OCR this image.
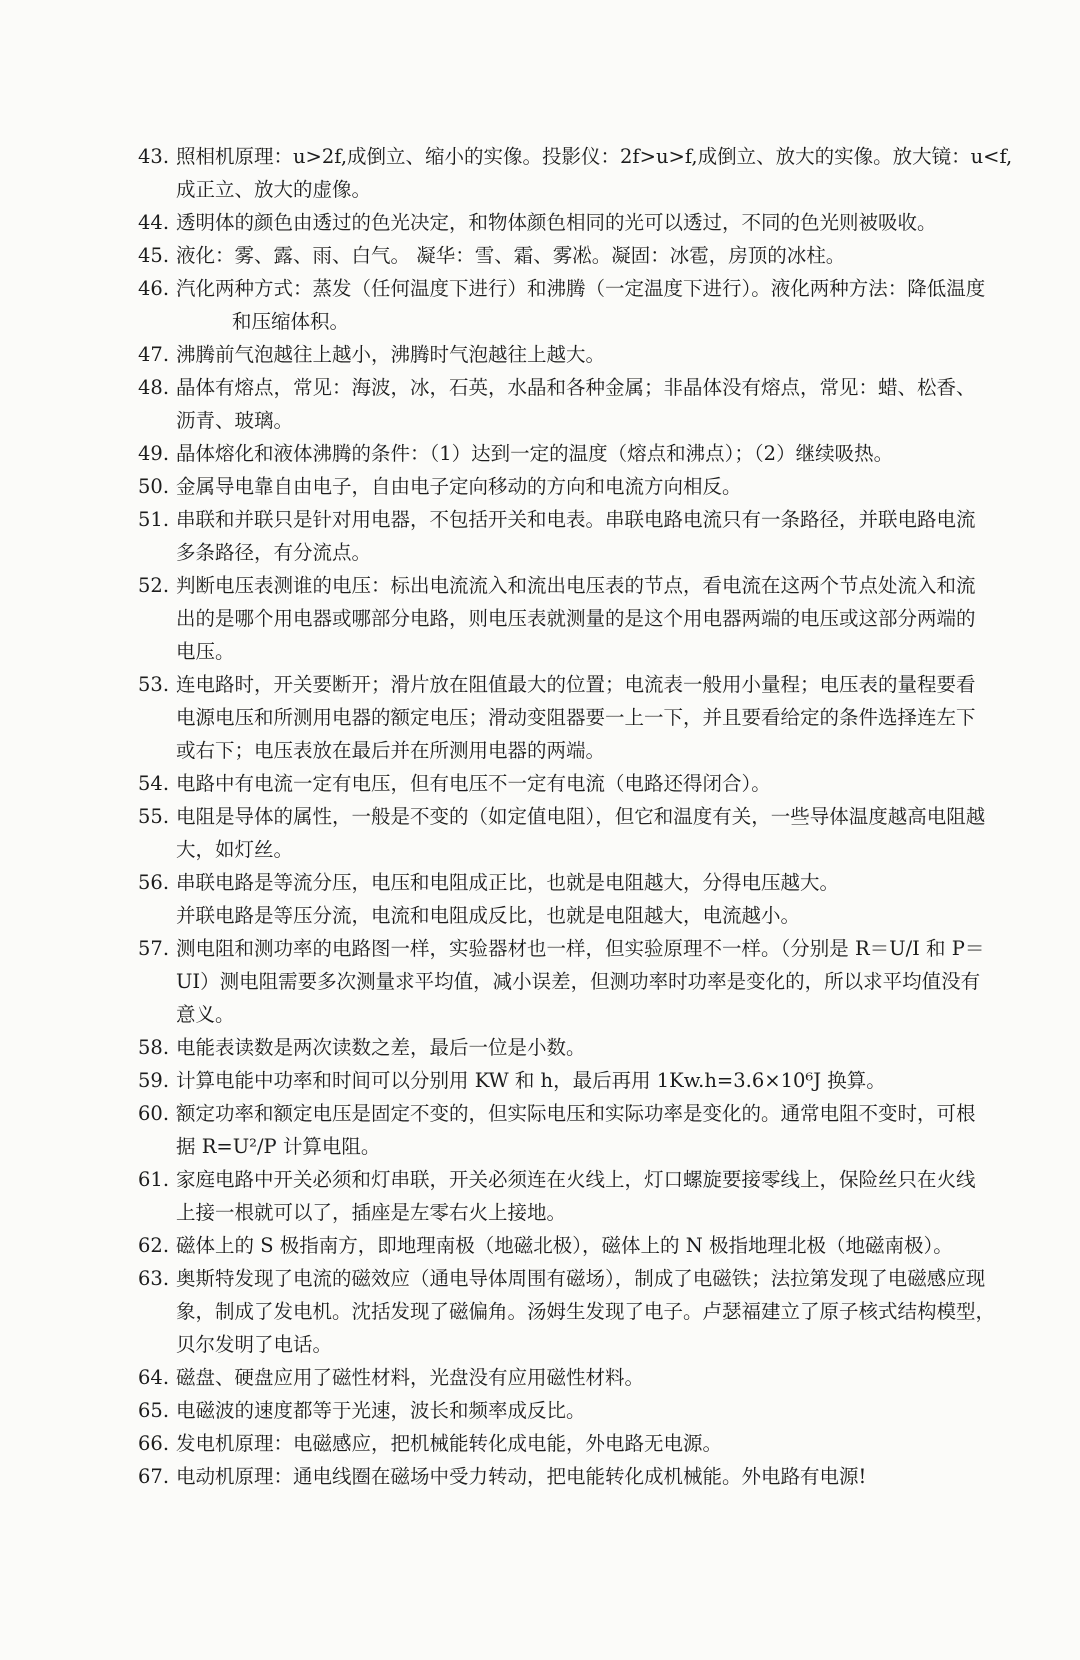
43. 照相机原理：u>2f,成倒立、缩小的实像。投影仪：2f>u>f,成倒立、放大的实像。放大镜：u<f,
成正立、放大的虚像。
44. 透明体的颜色由透过的色光决定，和物体颜色相同的光可以透过，不同的色光则被吸收。
45. 液化：雾、露、雨、白气。 凝华：雪、霜、雾凇。凝固：冰雹，房顶的冰柱。
46. 汽化两种方式：蒸发（任何温度下进行）和沸腾（一定温度下进行）。液化两种方法：降低温度
和压缩体积。
47. 沸腾前气泡越往上越小，沸腾时气泡越往上越大。
48. 晶体有熔点，常见：海波，冰，石英，水晶和各种金属；非晶体没有熔点，常见：蜡、松香、
沥青、玻璃。
49. 晶体熔化和液体沸腾的条件：（1）达到一定的温度（熔点和沸点）；（2）继续吸热。
50. 金属导电靠自由电子，自由电子定向移动的方向和电流方向相反。
51. 串联和并联只是针对用电器，不包括开关和电表。串联电路电流只有一条路径，并联电路电流
多条路径，有分流点。
52. 判断电压表测谁的电压：标出电流流入和流出电压表的节点，看电流在这两个节点处流入和流
出的是哪个用电器或哪部分电路，则电压表就测量的是这个用电器两端的电压或这部分两端的
电压。
53. 连电路时，开关要断开；滑片放在阻值最大的位置；电流表一般用小量程；电压表的量程要看
电源电压和所测用电器的额定电压；滑动变阻器要一上一下，并且要看给定的条件选择连左下
或右下；电压表放在最后并在所测用电器的两端。
54. 电路中有电流一定有电压，但有电压不一定有电流（电路还得闭合）。
55. 电阻是导体的属性，一般是不变的（如定值电阻），但它和温度有关，一些导体温度越高电阻越
大，如灯丝。
56. 串联电路是等流分压，电压和电阻成正比，也就是电阻越大，分得电压越大。
并联电路是等压分流，电流和电阻成反比，也就是电阻越大，电流越小。
57. 测电阻和测功率的电路图一样，实验器材也一样，但实验原理不一样。（分别是 R＝U/I 和 P＝
UI）测电阻需要多次测量求平均值，减小误差，但测功率时功率是变化的，所以求平均值没有
意义。
58. 电能表读数是两次读数之差，最后一位是小数。
59. 计算电能中功率和时间可以分别用 KW 和 h，最后再用 1Kw.h=3.6×10⁶J 换算。
60. 额定功率和额定电压是固定不变的，但实际电压和实际功率是变化的。通常电阻不变时，可根
据 R=U²/P 计算电阻。
61. 家庭电路中开关必须和灯串联，开关必须连在火线上，灯口螺旋要接零线上，保险丝只在火线
上接一根就可以了，插座是左零右火上接地。
62. 磁体上的 S 极指南方，即地理南极（地磁北极），磁体上的 N 极指地理北极（地磁南极）。
63. 奥斯特发现了电流的磁效应（通电导体周围有磁场），制成了电磁铁；法拉第发现了电磁感应现
象，制成了发电机。沈括发现了磁偏角。汤姆生发现了电子。卢瑟福建立了原子核式结构模型，
贝尔发明了电话。
64. 磁盘、硬盘应用了磁性材料，光盘没有应用磁性材料。
65. 电磁波的速度都等于光速，波长和频率成反比。
66. 发电机原理：电磁感应，把机械能转化成电能，外电路无电源。
67. 电动机原理：通电线圈在磁场中受力转动，把电能转化成机械能。外电路有电源!
